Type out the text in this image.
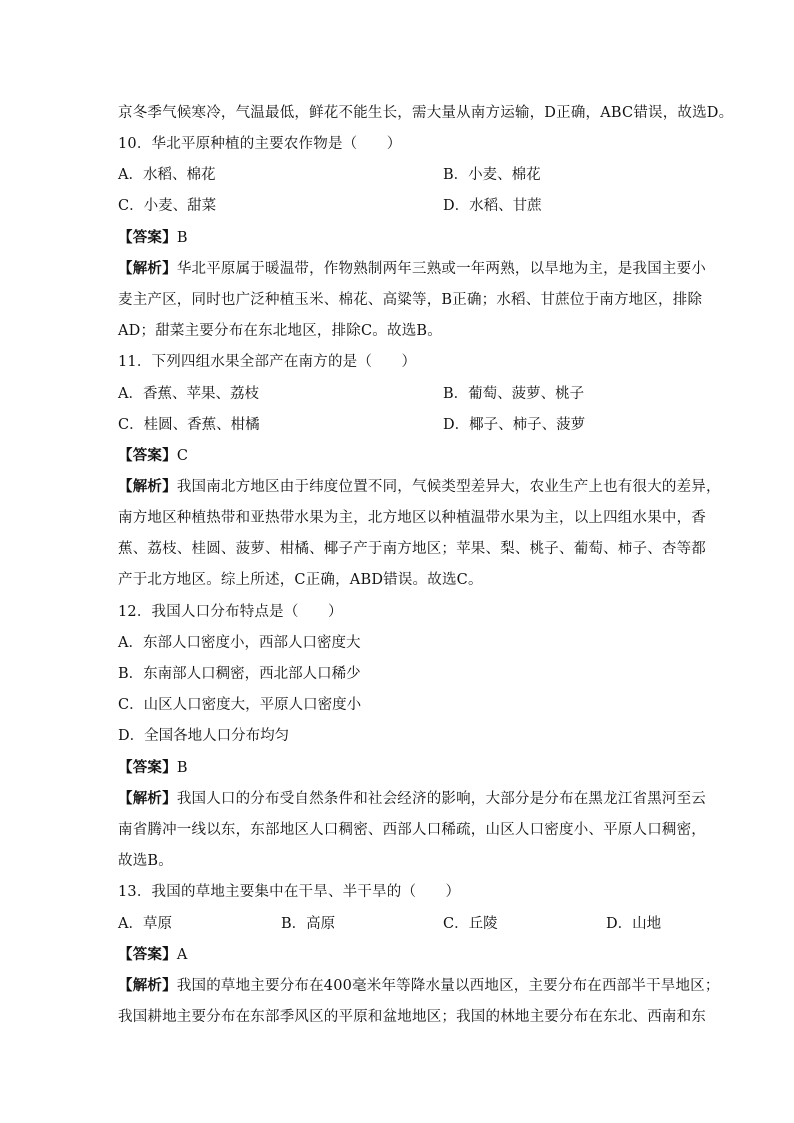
京冬季气候寒冷，气温最低，鲜花不能生长，需大量从南方运输，D正确，ABC错误，故选D。
10．华北平原种植的主要农作物是（　　）
A．水稻、棉花	B．小麦、棉花
C．小麦、甜菜	D．水稻、甘蔗
【答案】B
【解析】华北平原属于暖温带，作物熟制两年三熟或一年两熟，以旱地为主，是我国主要小
麦主产区，同时也广泛种植玉米、棉花、高粱等，B正确；水稻、甘蔗位于南方地区，排除
AD；甜菜主要分布在东北地区，排除C。故选B。
11．下列四组水果全部产在南方的是（　　）
A．香蕉、苹果、荔枝	B．葡萄、菠萝、桃子
C．桂圆、香蕉、柑橘	D．椰子、柿子、菠萝
【答案】C
【解析】我国南北方地区由于纬度位置不同，气候类型差异大，农业生产上也有很大的差异，
南方地区种植热带和亚热带水果为主，北方地区以种植温带水果为主，以上四组水果中，香
蕉、荔枝、桂圆、菠萝、柑橘、椰子产于南方地区；苹果、梨、桃子、葡萄、柿子、杏等都
产于北方地区。综上所述，C正确，ABD错误。故选C。
12．我国人口分布特点是（　　）
A．东部人口密度小，西部人口密度大
B．东南部人口稠密，西北部人口稀少
C．山区人口密度大，平原人口密度小
D．全国各地人口分布均匀
【答案】B
【解析】我国人口的分布受自然条件和社会经济的影响，大部分是分布在黑龙江省黑河至云
南省腾冲一线以东，东部地区人口稠密、西部人口稀疏，山区人口密度小、平原人口稠密，
故选B。
13．我国的草地主要集中在干旱、半干旱的（　　）
A．草原	B．高原	C．丘陵	D．山地
【答案】A
【解析】我国的草地主要分布在400毫米年等降水量以西地区，主要分布在西部半干旱地区；
我国耕地主要分布在东部季风区的平原和盆地地区；我国的林地主要分布在东北、西南和东
